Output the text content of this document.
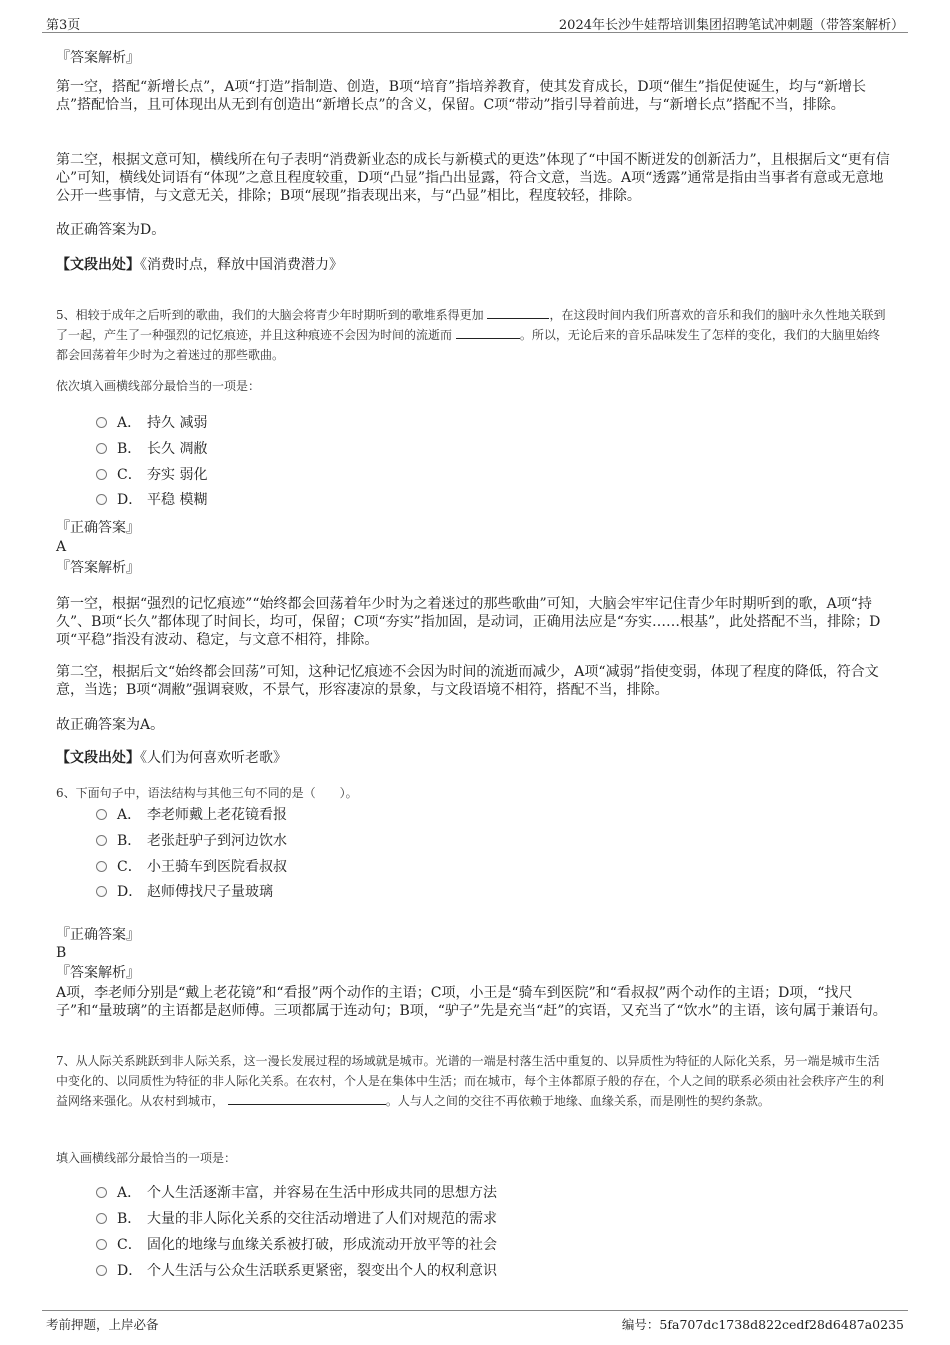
第3页	2024年长沙牛娃帮培训集团招聘笔试冲刺题（带答案解析）
『答案解析』

第一空，搭配“新增长点”，A项“打造”指制造、创造，B项“培育”指培养教育，使其发育成长，D项“催生”指促使诞生，均与“新增长点”搭配恰当，且可体现出从无到有创造出“新增长点”的含义，保留。C项“带动”指引导着前进，与“新增长点”搭配不当，排除。

第二空，根据文意可知，横线所在句子表明“消费新业态的成长与新模式的更迭”体现了“中国不断迸发的创新活力”，且根据后文“更有信心”可知，横线处词语有“体现”之意且程度较重，D项“凸显”指凸出显露，符合文意，当选。A项“透露”通常是指由当事者有意或无意地公开一些事情，与文意无关，排除；B项“展现”指表现出来，与“凸显”相比，程度较轻，排除。

故正确答案为D。
【文段出处】《消费时点，释放中国消费潜力》

5、相较于成年之后听到的歌曲，我们的大脑会将青少年时期听到的歌堆系得更加	，在这段时间内我们所喜欢的音乐和我们的脑叶永久性地关联到了一起，产生了一种强烈的记忆痕迹，并且这种痕迹不会因为时间的流逝而	。所以，无论后来的音乐品味发生了怎样的变化，我们的大脑里始终都会回荡着年少时为之着迷过的那些歌曲。

依次填入画横线部分最恰当的一项是：
A． 持久 减弱
B． 长久 凋敝
C． 夯实 弱化
D． 平稳 模糊
『正确答案』
A
『答案解析』

第一空，根据“强烈的记忆痕迹”“始终都会回荡着年少时为之着迷过的那些歌曲”可知，大脑会牢牢记住青少年时期听到的歌，A项“持久”、B项“长久”都体现了时间长，均可，保留；C项“夯实”指加固，是动词，正确用法应是“夯实……根基”，此处搭配不当，排除；D项“平稳”指没有波动、稳定，与文意不相符，排除。

第二空，根据后文“始终都会回荡”可知，这种记忆痕迹不会因为时间的流逝而减少，A项“减弱”指使变弱，体现了程度的降低，符合文意，当选；B项“凋敝”强调衰败，不景气，形容凄凉的景象，与文段语境不相符，搭配不当，排除。

故正确答案为A。
【文段出处】《人们为何喜欢听老歌》
6、下面句子中，语法结构与其他三句不同的是（　　）。
A． 李老师戴上老花镜看报
B． 老张赶驴子到河边饮水
C． 小王骑车到医院看叔叔
D． 赵师傅找尺子量玻璃
『正确答案』
B
『答案解析』

A项，李老师分别是“戴上老花镜”和“看报”两个动作的主语；C项，小王是“骑车到医院”和“看叔叔”两个动作的主语；D项，“找尺子”和“量玻璃”的主语都是赵师傅。三项都属于连动句；B项，“驴子”先是充当“赶”的宾语，又充当了“饮水”的主语，该句属于兼语句。

7、从人际关系跳跃到非人际关系，这一漫长发展过程的场域就是城市。光谱的一端是村落生活中重复的、以异质性为特征的人际化关系，另一端是城市生活中变化的、以同质性为特征的非人际化关系。在农村，个人是在集体中生活；而在城市，每个主体都原子般的存在，个人之间的联系必须由社会秩序产生的利益网络来强化。从农村到城市，	。人与人之间的交往不再依赖于地缘、血缘关系，而是刚性的契约条款。

填入画横线部分最恰当的一项是：
A． 个人生活逐渐丰富，并容易在生活中形成共同的思想方法
B． 大量的非人际化关系的交往活动增进了人们对规范的需求
C． 固化的地缘与血缘关系被打破，形成流动开放平等的社会
D． 个人生活与公众生活联系更紧密，裂变出个人的权利意识
考前押题，上岸必备	编号：5fa707dc1738d822cedf28d6487a0235
